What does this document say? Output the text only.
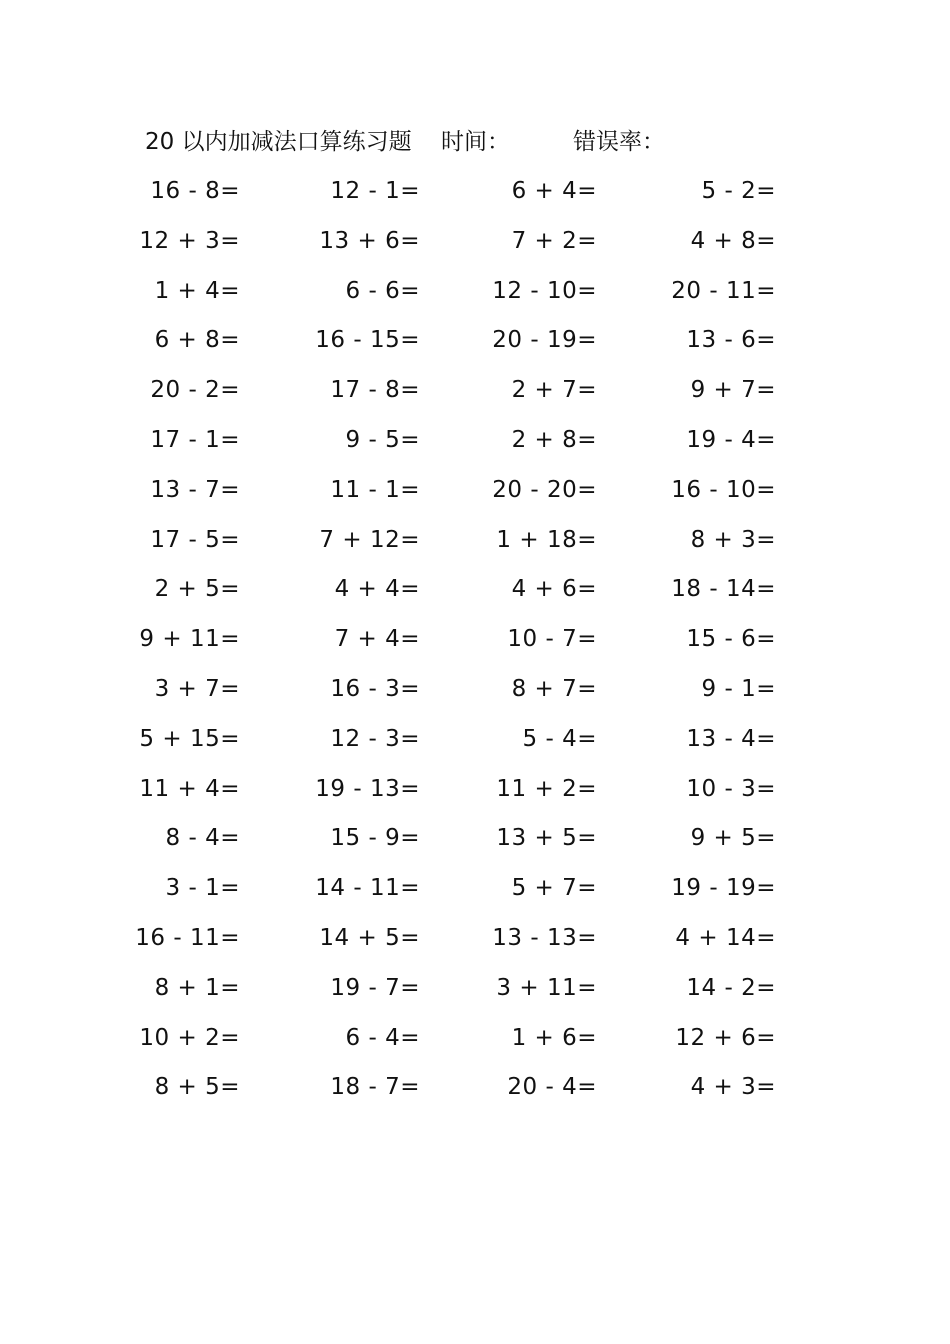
20 以内加减法口算练习题 时间：	错误率：
16 - 8=	12 - 1=	6 + 4=	5 - 2=
12 + 3=	13 + 6=	7 + 2=	4 + 8=
1 + 4=	6 - 6=	12 - 10=	20 - 11=
6 + 8=	16 - 15=	20 - 19=	13 - 6=
20 - 2=	17 - 8=	2 + 7=	9 + 7=
17 - 1=	9 - 5=	2 + 8=	19 - 4=
13 - 7=	11 - 1=	20 - 20=	16 - 10=
17 - 5=	7 + 12=	1 + 18=	8 + 3=
2 + 5=	4 + 4=	4 + 6=	18 - 14=
9 + 11=	7 + 4=	10 - 7=	15 - 6=
3 + 7=	16 - 3=	8 + 7=	9 - 1=
5 + 15=	12 - 3=	5 - 4=	13 - 4=
11 + 4=	19 - 13=	11 + 2=	10 - 3=
8 - 4=	15 - 9=	13 + 5=	9 + 5=
3 - 1=	14 - 11=	5 + 7=	19 - 19=
16 - 11=	14 + 5=	13 - 13=	4 + 14=
8 + 1=	19 - 7=	3 + 11=	14 - 2=
10 + 2=	6 - 4=	1 + 6=	12 + 6=
8 + 5=	18 - 7=	20 - 4=	4 + 3=
